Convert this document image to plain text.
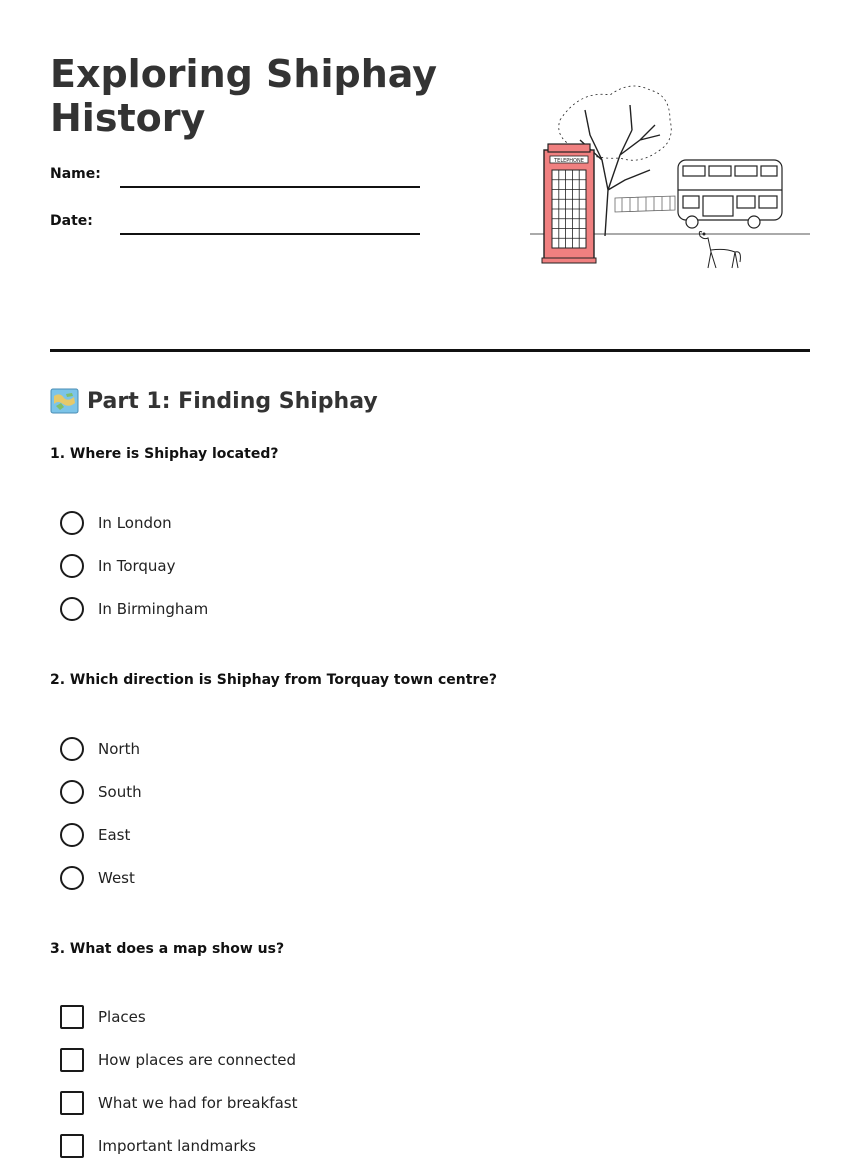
Exploring Shiphay History
Name:
Date:
TELEPHONE
Part 1: Finding Shiphay
1. Where is Shiphay located?
In London
In Torquay
In Birmingham
2. Which direction is Shiphay from Torquay town centre?
North
South
East
West
3. What does a map show us?
Places
How places are connected
What we had for breakfast
Important landmarks
